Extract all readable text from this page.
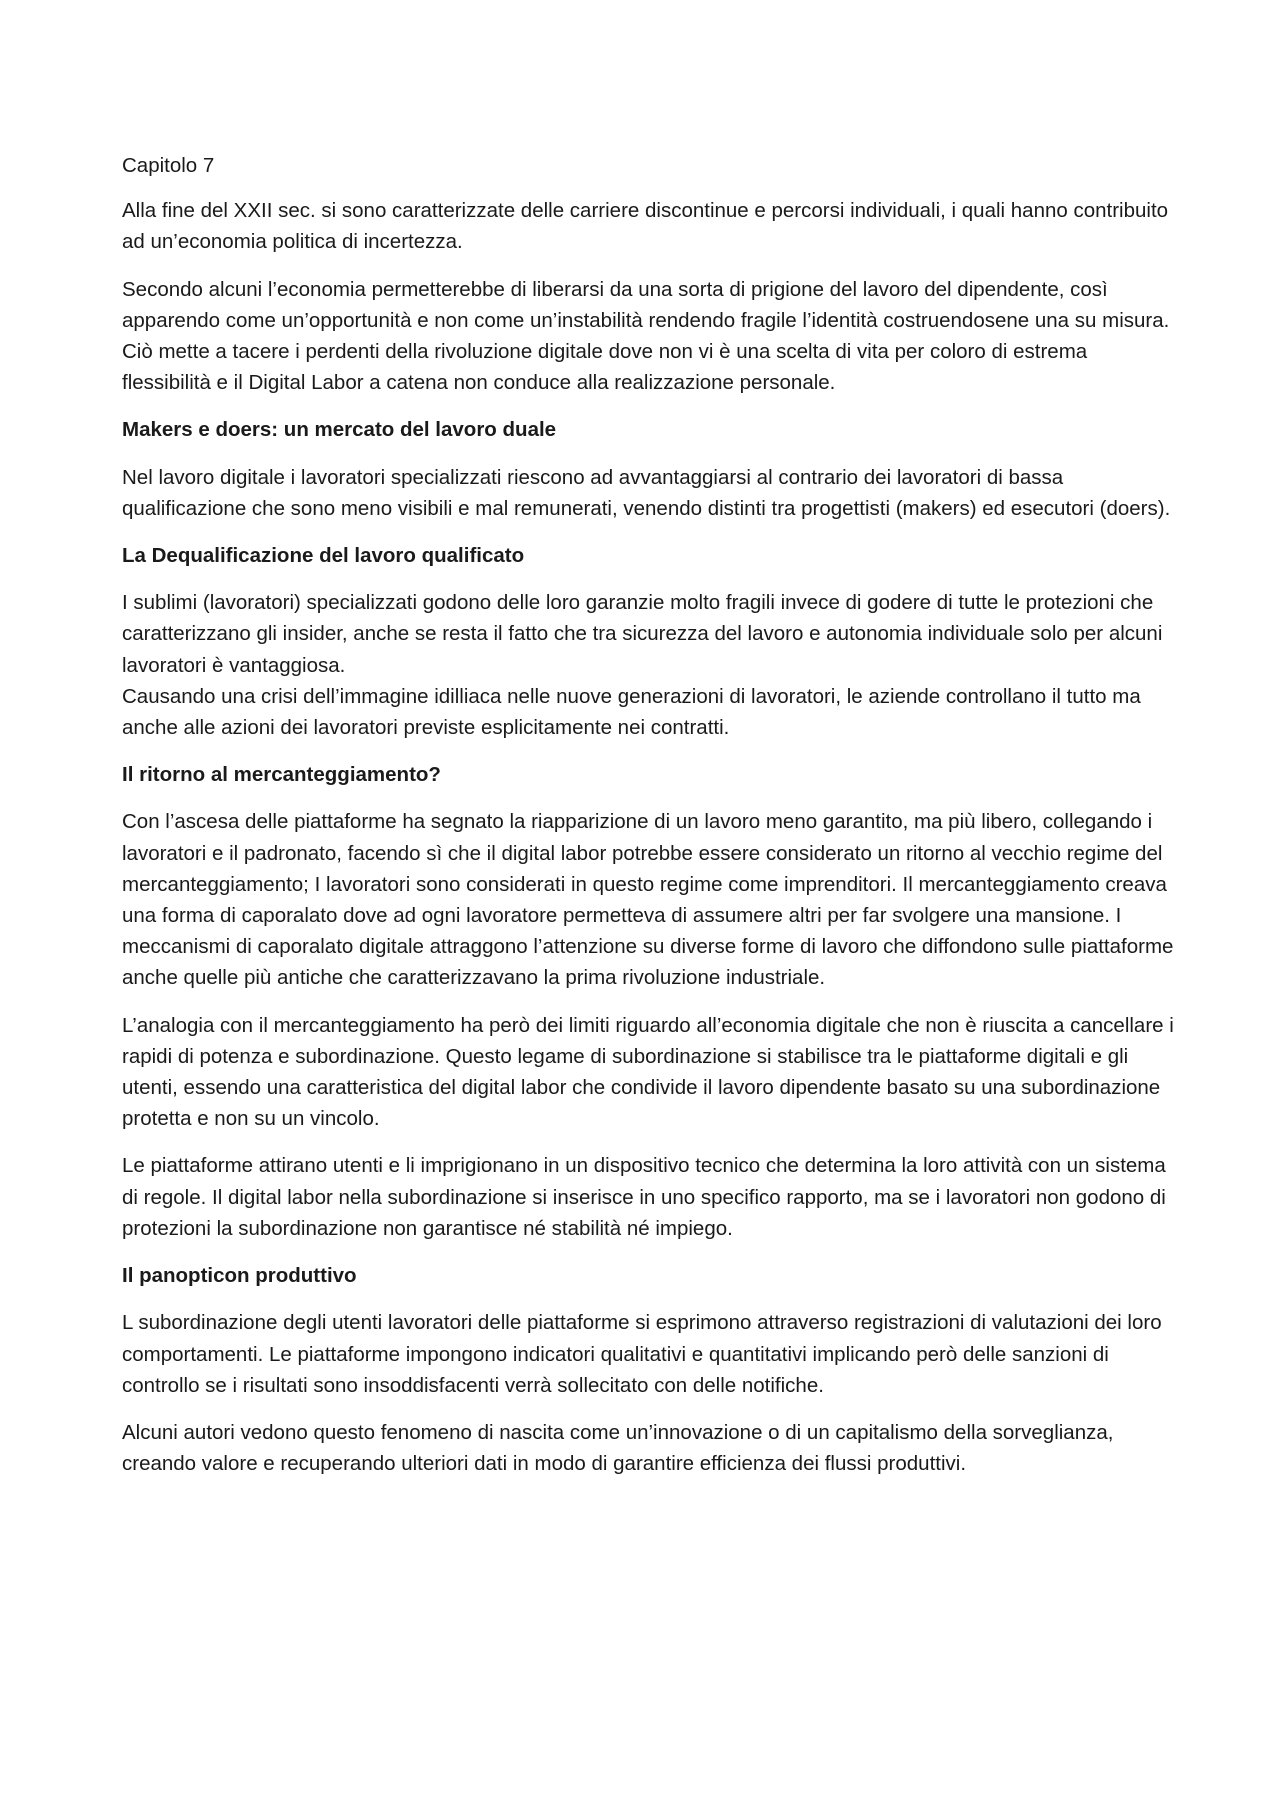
Capitolo 7

Alla fine del XXII sec. si sono caratterizzate delle carriere discontinue e percorsi individuali, i quali hanno contribuito ad un’economia politica di incertezza.

Secondo alcuni l’economia permetterebbe di liberarsi da una sorta di prigione del lavoro del dipendente, così apparendo come un’opportunità e non come un’instabilità rendendo fragile l’identità costruendosene una su misura.

Ciò mette a tacere i perdenti della rivoluzione digitale dove non vi è una scelta di vita per coloro di estrema flessibilità e il Digital Labor a catena non conduce alla realizzazione personale.

Makers e doers: un mercato del lavoro duale

Nel lavoro digitale i lavoratori specializzati riescono ad avvantaggiarsi al contrario dei lavoratori di bassa qualificazione che sono meno visibili e mal remunerati, venendo distinti tra progettisti (makers) ed esecutori (doers).

La Dequalificazione del lavoro qualificato

I sublimi (lavoratori) specializzati godono delle loro garanzie molto fragili invece di godere di tutte le protezioni che caratterizzano gli insider, anche se resta il fatto che tra sicurezza del lavoro e autonomia individuale solo per alcuni lavoratori è vantaggiosa.

Causando una crisi dell’immagine idilliaca nelle nuove generazioni di lavoratori, le aziende controllano il tutto ma anche alle azioni dei lavoratori previste esplicitamente nei contratti.

Il ritorno al mercanteggiamento?

Con l’ascesa delle piattaforme ha segnato la riapparizione di un lavoro meno garantito, ma più libero, collegando i lavoratori e il padronato, facendo sì che il digital labor potrebbe essere considerato un ritorno al vecchio regime del mercanteggiamento; I lavoratori sono considerati in questo regime come imprenditori. Il mercanteggiamento creava una forma di caporalato dove ad ogni lavoratore permetteva di assumere altri per far svolgere una mansione. I meccanismi di caporalato digitale attraggono l’attenzione su diverse forme di lavoro che diffondono sulle piattaforme anche quelle più antiche che caratterizzavano la prima rivoluzione industriale.

L’analogia con il mercanteggiamento ha però dei limiti riguardo all’economia digitale che non è riuscita a cancellare i rapidi di potenza e subordinazione. Questo legame di subordinazione si stabilisce tra le piattaforme digitali e gli utenti, essendo una caratteristica del digital labor che condivide il lavoro dipendente basato su una subordinazione protetta e non su un vincolo.

Le piattaforme attirano utenti e li imprigionano in un dispositivo tecnico che determina la loro attività con un sistema di regole. Il digital labor nella subordinazione si inserisce in uno specifico rapporto, ma se i lavoratori non godono di protezioni la subordinazione non garantisce né stabilità né impiego.

Il panopticon produttivo

L subordinazione degli utenti lavoratori delle piattaforme si esprimono attraverso registrazioni di valutazioni dei loro comportamenti. Le piattaforme impongono indicatori qualitativi e quantitativi implicando però delle sanzioni di controllo se i risultati sono insoddisfacenti verrà sollecitato con delle notifiche.

Alcuni autori vedono questo fenomeno di nascita come un’innovazione o di un capitalismo della sorveglianza, creando valore e recuperando ulteriori dati in modo di garantire efficienza dei flussi produttivi.
